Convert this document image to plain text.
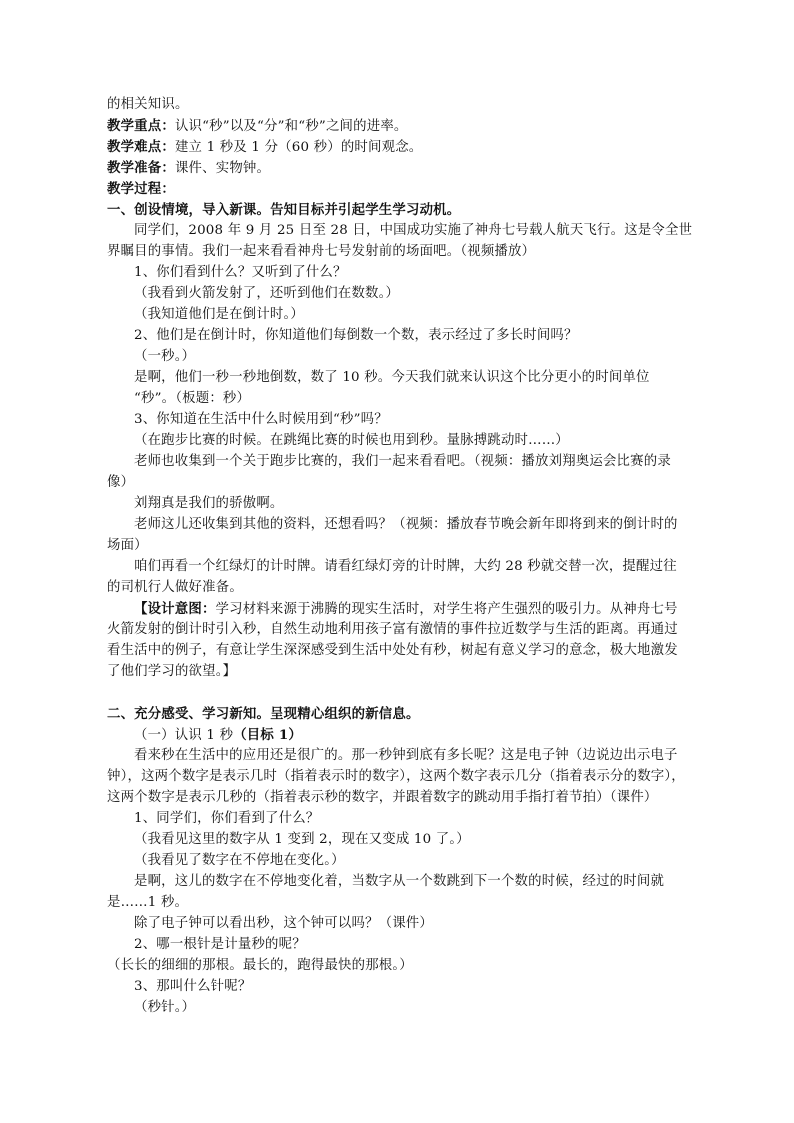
的相关知识。
教学重点：认识“秒”以及“分”和“秒”之间的进率。
教学难点：建立 1 秒及 1 分（60 秒）的时间观念。
教学准备：课件、实物钟。
教学过程：
一、创设情境，导入新课。告知目标并引起学生学习动机。
同学们，2008 年 9 月 25 日至 28 日，中国成功实施了神舟七号载人航天飞行。这是令全世
界瞩目的事情。我们一起来看看神舟七号发射前的场面吧。（视频播放）
1、你们看到什么？又听到了什么？
（我看到火箭发射了，还听到他们在数数。）
（我知道他们是在倒计时。）
2、他们是在倒计时，你知道他们每倒数一个数，表示经过了多长时间吗？
（一秒。）
是啊，他们一秒一秒地倒数，数了 10 秒。今天我们就来认识这个比分更小的时间单位
“秒”。（板题：秒）
3、你知道在生活中什么时候用到“秒”吗？
（在跑步比赛的时候。在跳绳比赛的时候也用到秒。量脉搏跳动时……）
老师也收集到一个关于跑步比赛的，我们一起来看看吧。（视频：播放刘翔奥运会比赛的录
像）
刘翔真是我们的骄傲啊。
老师这儿还收集到其他的资料，还想看吗？（视频：播放春节晚会新年即将到来的倒计时的
场面）
咱们再看一个红绿灯的计时牌。请看红绿灯旁的计时牌，大约 28 秒就交替一次，提醒过往
的司机行人做好准备。
【设计意图：学习材料来源于沸腾的现实生活时，对学生将产生强烈的吸引力。从神舟七号
火箭发射的倒计时引入秒，自然生动地利用孩子富有激情的事件拉近数学与生活的距离。再通过
看生活中的例子，有意让学生深深感受到生活中处处有秒，树起有意义学习的意念，极大地激发
了他们学习的欲望。】
二、充分感受、学习新知。呈现精心组织的新信息。
（一）认识 1 秒（目标 1）
看来秒在生活中的应用还是很广的。那一秒钟到底有多长呢？这是电子钟（边说边出示电子
钟），这两个数字是表示几时（指着表示时的数字），这两个数字表示几分（指着表示分的数字），
这两个数字是表示几秒的（指着表示秒的数字，并跟着数字的跳动用手指打着节拍）（课件）
1、同学们，你们看到了什么？
（我看见这里的数字从 1 变到 2，现在又变成 10 了。）
（我看见了数字在不停地在变化。）
是啊，这儿的数字在不停地变化着，当数字从一个数跳到下一个数的时候，经过的时间就
是……1 秒。
除了电子钟可以看出秒，这个钟可以吗？（课件）
2、哪一根针是计量秒的呢？
（长长的细细的那根。最长的，跑得最快的那根。）
3、那叫什么针呢？
（秒针。）
